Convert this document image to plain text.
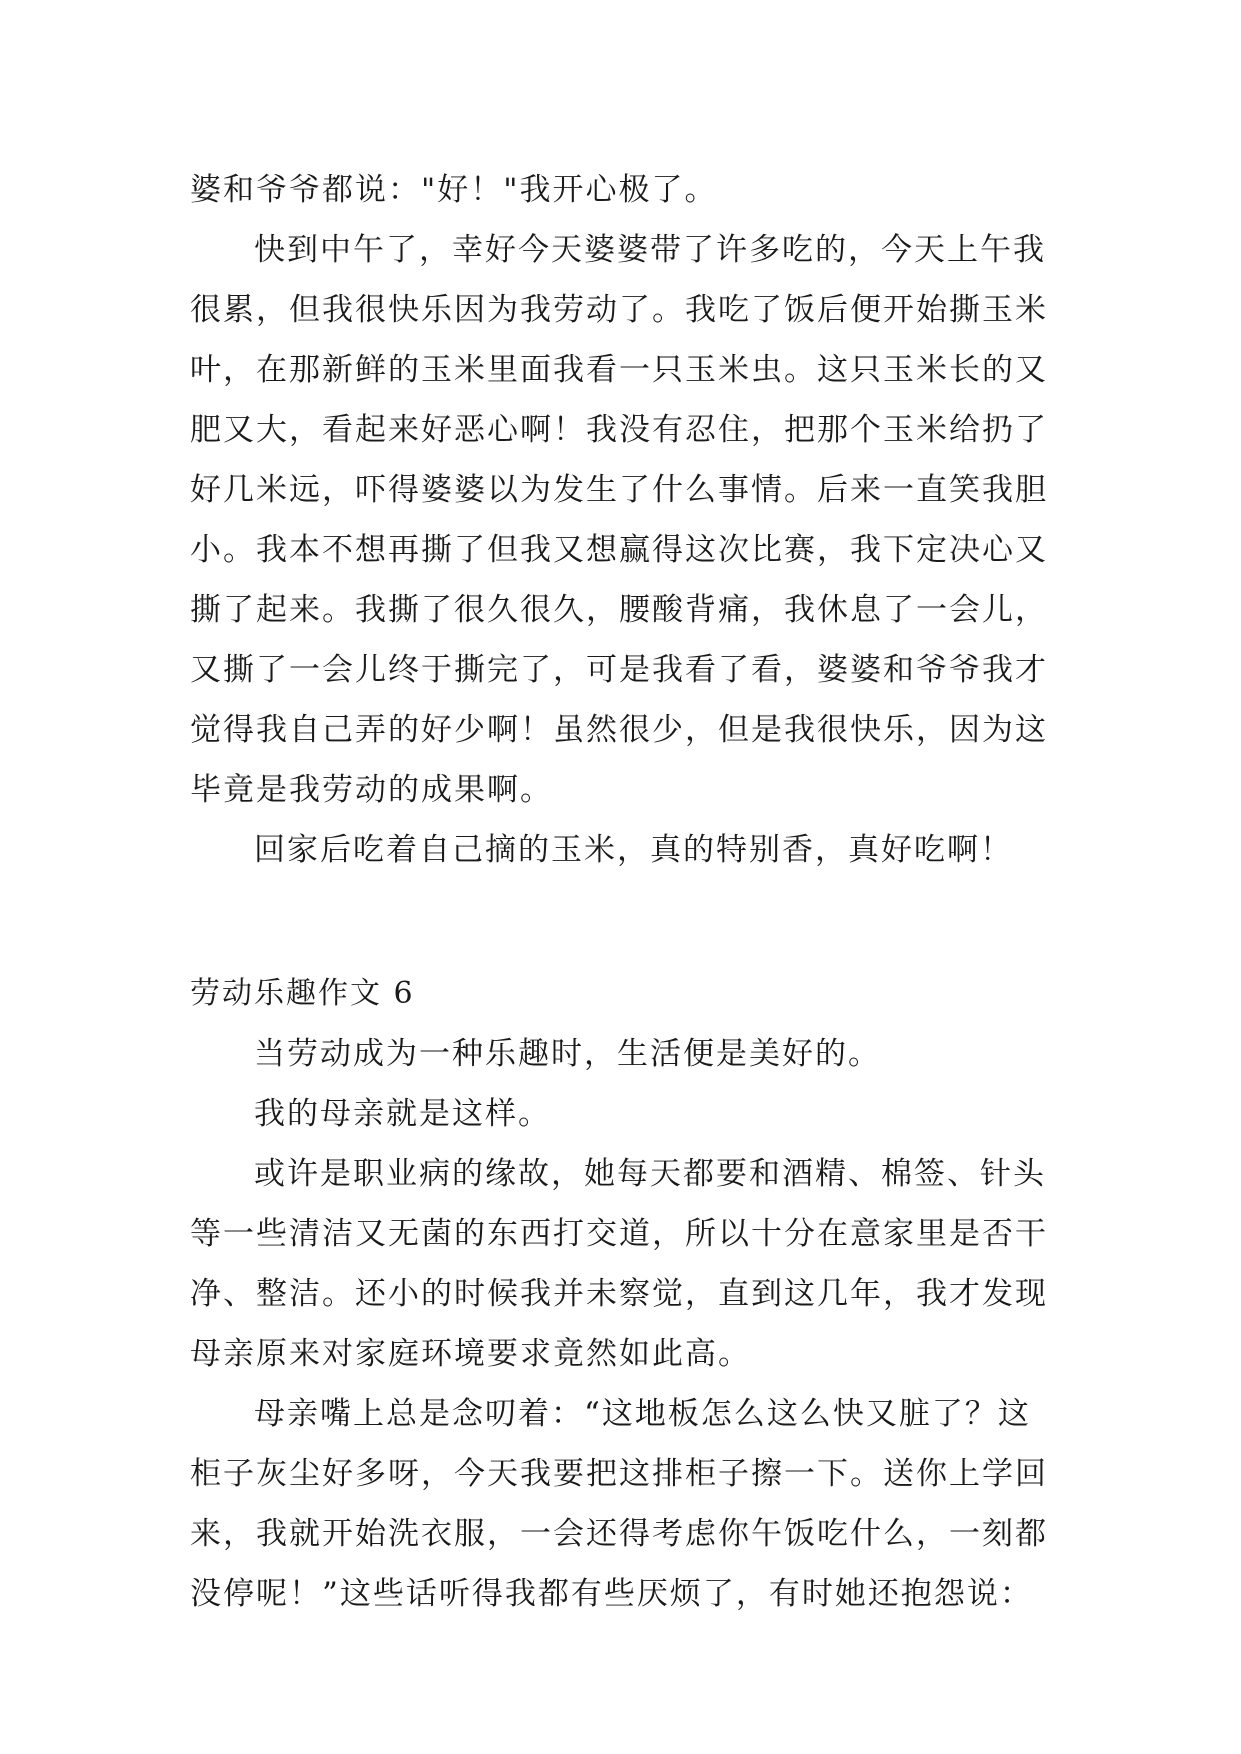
婆和爷爷都说："好！"我开心极了。
快到中午了，幸好今天婆婆带了许多吃的，今天上午我
很累，但我很快乐因为我劳动了。我吃了饭后便开始撕玉米
叶，在那新鲜的玉米里面我看一只玉米虫。这只玉米长的又
肥又大，看起来好恶心啊！我没有忍住，把那个玉米给扔了
好几米远，吓得婆婆以为发生了什么事情。后来一直笑我胆
小。我本不想再撕了但我又想赢得这次比赛，我下定决心又
撕了起来。我撕了很久很久，腰酸背痛，我休息了一会儿，
又撕了一会儿终于撕完了，可是我看了看，婆婆和爷爷我才
觉得我自己弄的好少啊！虽然很少，但是我很快乐，因为这
毕竟是我劳动的成果啊。
回家后吃着自己摘的玉米，真的特别香，真好吃啊！
劳动乐趣作文 6
当劳动成为一种乐趣时，生活便是美好的。
我的母亲就是这样。
或许是职业病的缘故，她每天都要和酒精、棉签、针头
等一些清洁又无菌的东西打交道，所以十分在意家里是否干
净、整洁。还小的时候我并未察觉，直到这几年，我才发现
母亲原来对家庭环境要求竟然如此高。
母亲嘴上总是念叨着：“这地板怎么这么快又脏了？这
柜子灰尘好多呀，今天我要把这排柜子擦一下。送你上学回
来，我就开始洗衣服，一会还得考虑你午饭吃什么，一刻都
没停呢！”这些话听得我都有些厌烦了，有时她还抱怨说：
